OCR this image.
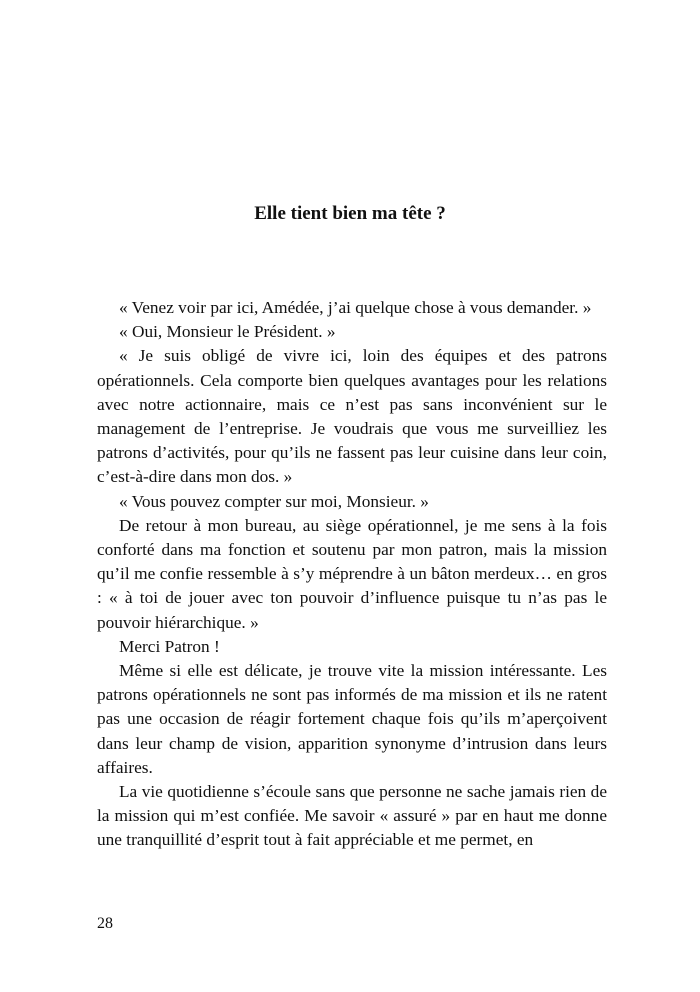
Elle tient bien ma tête ?

« Venez voir par ici, Amédée, j’ai quelque chose à vous demander. »

« Oui, Monsieur le Président. »

« Je suis obligé de vivre ici, loin des équipes et des patrons opérationnels. Cela comporte bien quelques avantages pour les relations avec notre actionnaire, mais ce n’est pas sans inconvénient sur le management de l’entreprise. Je voudrais que vous me surveilliez les patrons d’activités, pour qu’ils ne fassent pas leur cuisine dans leur coin, c’est-à-dire dans mon dos. »

« Vous pouvez compter sur moi, Monsieur. »

De retour à mon bureau, au siège opérationnel, je me sens à la fois conforté dans ma fonction et soutenu par mon patron, mais la mission qu’il me confie ressemble à s’y méprendre à un bâton merdeux… en gros : « à toi de jouer avec ton pouvoir d’influence puisque tu n’as pas le pouvoir hiérarchique. »

Merci Patron !

Même si elle est délicate, je trouve vite la mission intéressante. Les patrons opérationnels ne sont pas informés de ma mission et ils ne ratent pas une occasion de réagir fortement chaque fois qu’ils m’aperçoivent dans leur champ de vision, apparition synonyme d’intrusion dans leurs affaires.

La vie quotidienne s’écoule sans que personne ne sache jamais rien de la mission qui m’est confiée. Me savoir « assuré » par en haut me donne une tranquillité d’esprit tout à fait appréciable et me permet, en

28
